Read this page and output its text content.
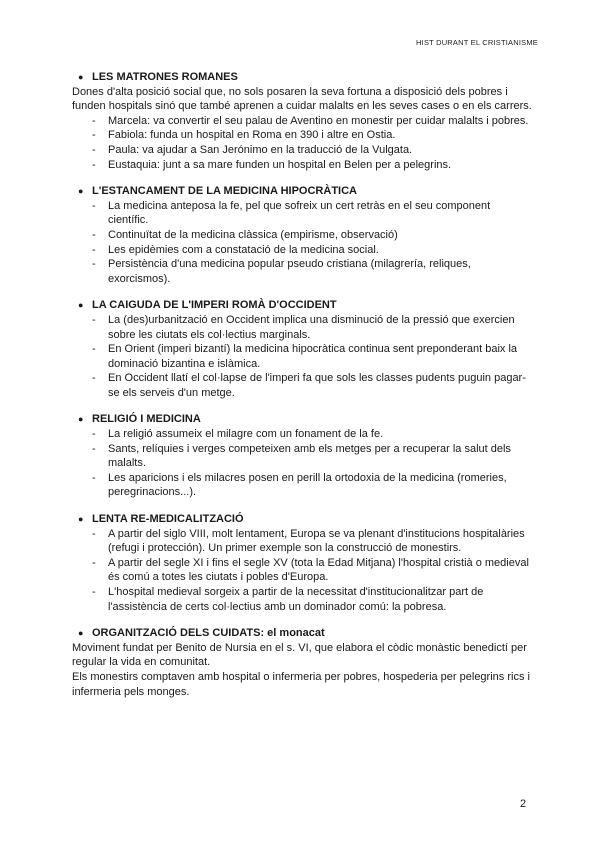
HIST DURANT EL CRISTIANISME
● LES MATRONES ROMANES

Dones d'alta posició social que, no sols posaren la seva fortuna a disposició dels pobres i funden hospitals sinó que també aprenen a cuidar malalts en les seves cases o en els carrers.

- Marcela: va convertir el seu palau de Aventino en monestir per cuidar malalts i pobres.
- Fabiola: funda un hospital en Roma en 390 i altre en Ostia.
- Paula: va ajudar a San Jerónimo en la traducció de la Vulgata.
- Eustaquia: junt a sa mare funden un hospital en Belen per a pelegrins.
● L'ESTANCAMENT DE LA MEDICINA HIPOCRÀTICA
- La medicina anteposa la fe, pel que sofreix un cert retràs en el seu component científic.
- Continuïtat de la medicina clàssica (empirisme, observació)
- Les epidèmies com a constatació de la medicina social.
- Persistència d'una medicina popular pseudo cristiana (milagrería, reliques, exorcismos).
● LA CAIGUDA DE L'IMPERI ROMÀ D'OCCIDENT
- La (des)urbanització en Occident implica una disminució de la pressió que exercien sobre les ciutats els col·lectius marginals.
- En Orient (imperi bizantí) la medicina hipocràtica continua sent preponderant baix la dominació bizantina e islàmica.
- En Occident llatí el col·lapse de l'imperi fa que sols les classes pudents puguin pagar-se els serveis d'un metge.
● RELIGIÓ I MEDICINA
- La religió assumeix el milagre com un fonament de la fe.
- Sants, relíquies i verges competeixen amb els metges per a recuperar la salut dels malalts.
- Les aparicions i els milacres posen en perill la ortodoxia de la medicina (romeries, peregrinacions...).
● LENTA RE-MEDICALITZACIÓ
- A partir del siglo VIII, molt lentament, Europa se va plenant d'institucions hospitalàries (refugi i protección). Un primer exemple son la construcció de monestirs.
- A partir del segle XI i fins el segle XV (tota la Edad Mitjana) l'hospital cristià o medieval és comú a totes les ciutats i pobles d'Europa.
- L'hospital medieval sorgeix a partir de la necessitat d'institucionalitzar part de l'assistència de certs col·lectius amb un dominador comú: la pobresa.
● ORGANITZACIÓ DELS CUIDATS: el monacat

Moviment fundat per Benito de Nursia en el s. VI, que elabora el còdic monàstic benedictí per regular la vida en comunitat.

Els monestirs comptaven amb hospital o infermeria per pobres, hospederia per pelegrins rics i infermeria pels monges.

2
